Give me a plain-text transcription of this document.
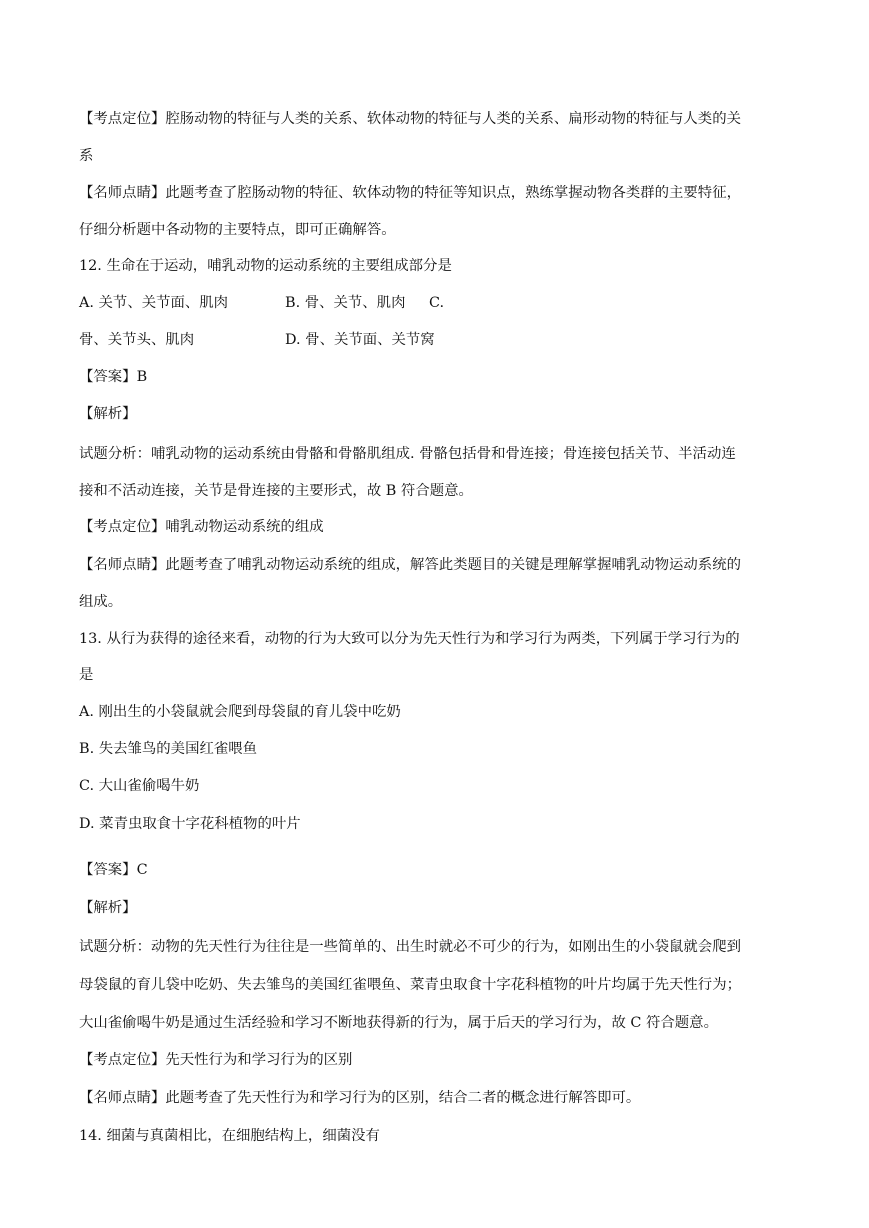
【考点定位】腔肠动物的特征与人类的关系、软体动物的特征与人类的关系、扁形动物的特征与人类的关
系
【名师点睛】此题考查了腔肠动物的特征、软体动物的特征等知识点，熟练掌握动物各类群的主要特征，
仔细分析题中各动物的主要特点，即可正确解答。
12. 生命在于运动，哺乳动物的运动系统的主要组成部分是
A. 关节、关节面、肌肉	B. 骨、关节、肌肉 C.
骨、关节头、肌肉	D. 骨、关节面、关节窝
【答案】B
【解析】
试题分析：哺乳动物的运动系统由骨骼和骨骼肌组成. 骨骼包括骨和骨连接；骨连接包括关节、半活动连
接和不活动连接，关节是骨连接的主要形式，故 B 符合题意。
【考点定位】哺乳动物运动系统的组成
【名师点睛】此题考查了哺乳动物运动系统的组成，解答此类题目的关键是理解掌握哺乳动物运动系统的
组成。
13. 从行为获得的途径来看，动物的行为大致可以分为先天性行为和学习行为两类，下列属于学习行为的
是
A. 刚出生的小袋鼠就会爬到母袋鼠的育儿袋中吃奶
B. 失去雏鸟的美国红雀喂鱼
C. 大山雀偷喝牛奶
D. 菜青虫取食十字花科植物的叶片
【答案】C
【解析】
试题分析：动物的先天性行为往往是一些简单的、出生时就必不可少的行为，如刚出生的小袋鼠就会爬到
母袋鼠的育儿袋中吃奶、失去雏鸟的美国红雀喂鱼、菜青虫取食十字花科植物的叶片均属于先天性行为；
大山雀偷喝牛奶是通过生活经验和学习不断地获得新的行为，属于后天的学习行为，故 C 符合题意。
【考点定位】先天性行为和学习行为的区别
【名师点睛】此题考查了先天性行为和学习行为的区别，结合二者的概念进行解答即可。
14. 细菌与真菌相比，在细胞结构上，细菌没有
